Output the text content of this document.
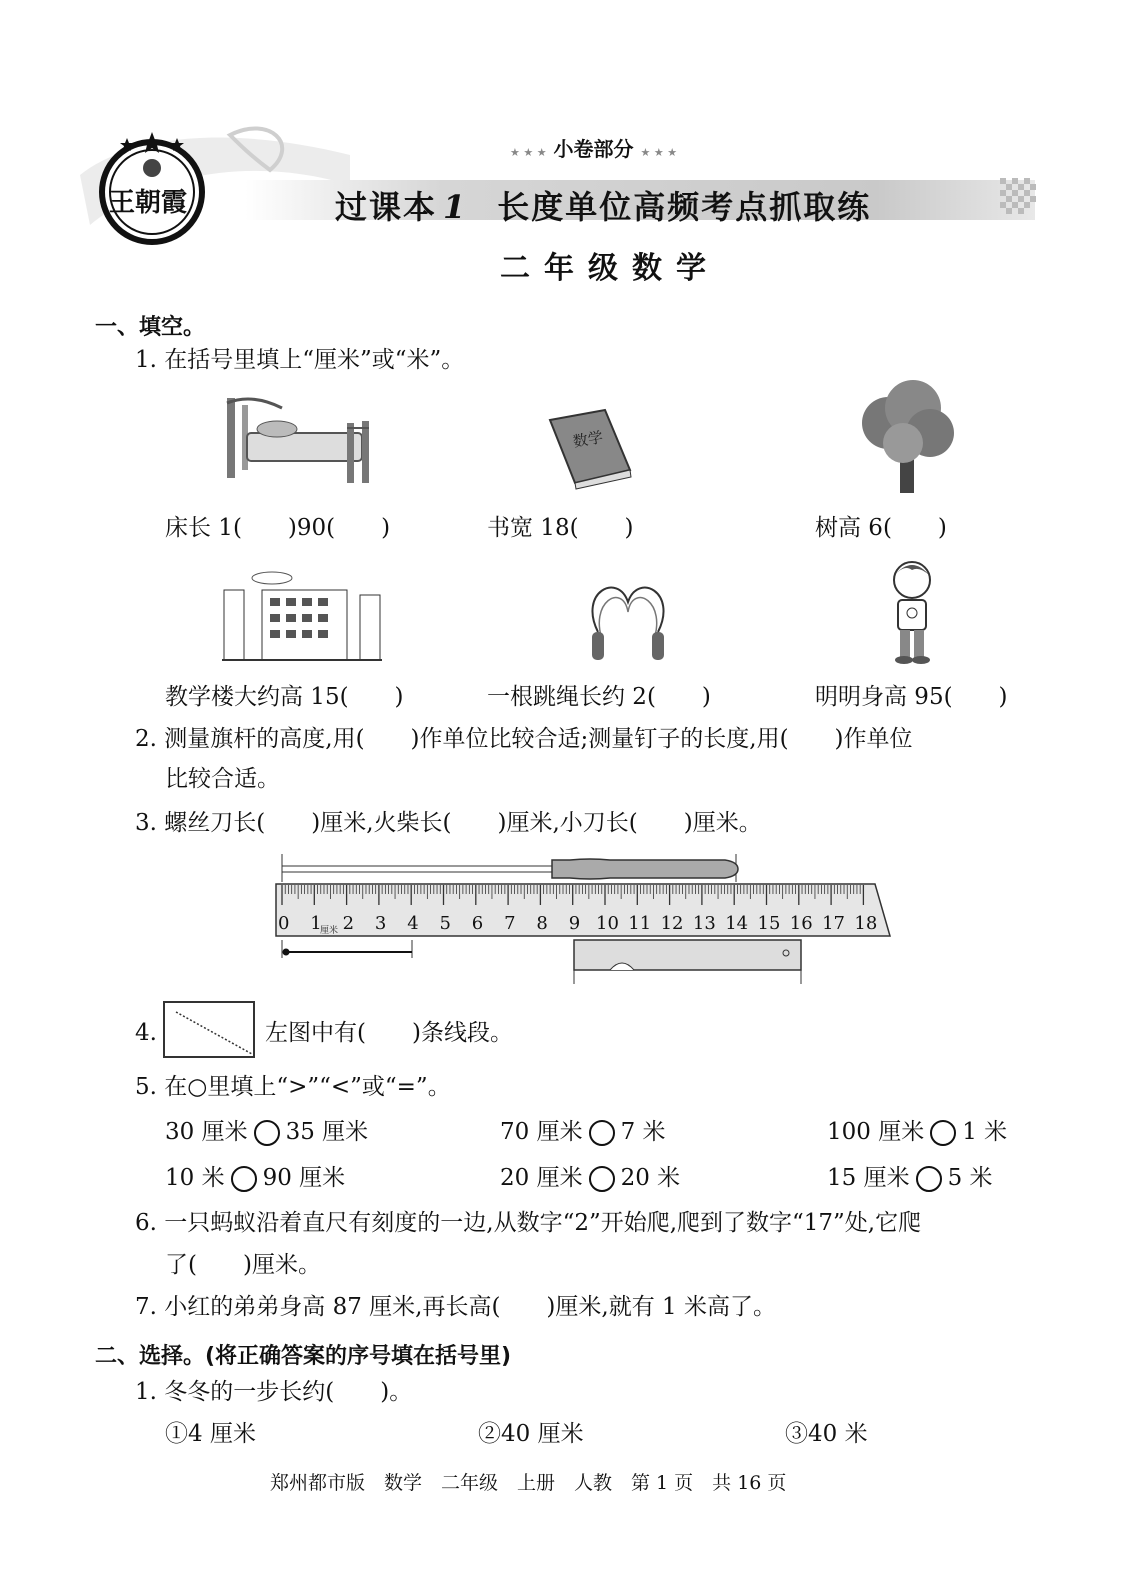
王朝霞
★ ★ ★ 小卷部分 ★ ★ ★
过课本 1 长度单位高频考点抓取练
二年级数学
一、填空。
1. 在括号里填上“厘米”或“米”。
数学
床长 1(　　)90(　　)	书宽 18(　　)	树高 6(　　)
教学楼大约高 15(　　)	一根跳绳长约 2(　　)	明明身高 95(　　)
2. 测量旗杆的高度,用(　　)作单位比较合适;测量钉子的长度,用(　　)作单位
比较合适。
3. 螺丝刀长(　　)厘米,火柴长(　　)厘米,小刀长(　　)厘米。
0 1 2 3 4 5 6 7 8 9 10 11 12 13 14 15 16 17 18
厘米
4.	左图中有(　　)条线段。
5. 在○里填上“>”“<”或“=”。
30 厘米 35 厘米	70 厘米 7 米	100 厘米 1 米
10 米 90 厘米	20 厘米 20 米	15 厘米 5 米
6. 一只蚂蚁沿着直尺有刻度的一边,从数字“2”开始爬,爬到了数字“17”处,它爬
了(　　)厘米。
7. 小红的弟弟身高 87 厘米,再长高(　　)厘米,就有 1 米高了。
二、选择。(将正确答案的序号填在括号里)
1. 冬冬的一步长约(　　)。
①4 厘米	②40 厘米	③40 米
郑州都市版　数学　二年级　上册　人教　第 1 页　共 16 页
